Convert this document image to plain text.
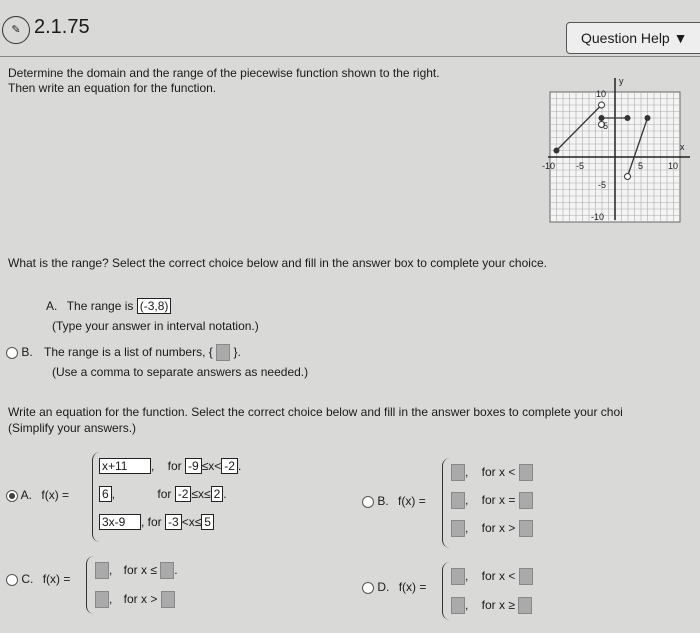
✎ 2.1.75	Question Help ▼
Determine the domain and the range of the piecewise function shown to the right.
Then write an equation for the function.	y
x
10
5
-5
-10
-10 -5	5	10
What is the range? Select the correct choice below and fill in the answer box to complete your choice.
A. The range is (-3,8)
(Type your answer in interval notation.)
B. The range is a list of numbers, {  }.
(Use a comma to separate answers as needed.)
Write an equation for the function. Select the correct choice below and fill in the answer boxes to complete your choi
(Simplify your answers.)
A. f(x) =
x+11 , for -9 ≤x< -2 .
6 ,	for -2 ≤x≤ 2 .
3x-9 , for -3 <x≤ 5
B. f(x) =
, for x <
, for x =
, for x >
C. f(x) =
, for x ≤ .
, for x >
D. f(x) =
, for x <
, for x ≥
